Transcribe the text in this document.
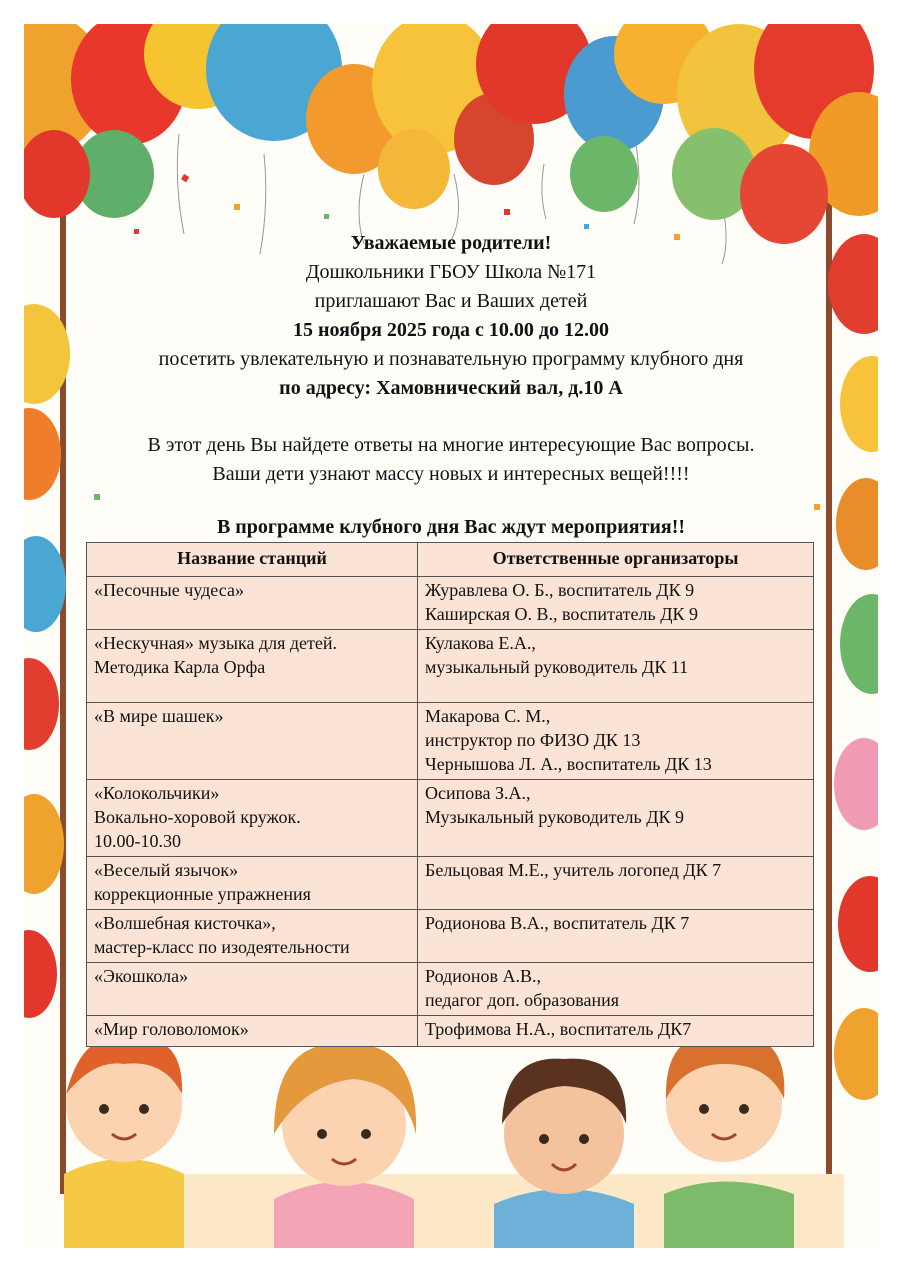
Уважаемые родители!

Дошкольники ГБОУ Школа №171

приглашают Вас и Ваших детей

15 ноября 2025 года с 10.00 до 12.00

посетить увлекательную и познавательную программу клубного дня

по адресу: Хамовнический вал, д.10 А

В этот день Вы найдете ответы на многие интересующие Вас вопросы.

Ваши дети узнают массу новых и интересных вещей!!!!

В программе клубного дня Вас ждут мероприятия!!

Название станций	Ответственные организаторы

«Песочные чудеса»	Журавлева О. Б., воспитатель ДК 9
Каширская О. В., воспитатель ДК 9

«Нескучная» музыка для детей.
Методика Карла Орфа	Кулакова Е.А.,
музыкальный руководитель ДК 11

«В мире шашек»	Макарова С. М.,
инструктор по ФИЗО ДК 13
Чернышова Л. А., воспитатель ДК 13

«Колокольчики»
Вокально-хоровой кружок.
10.00-10.30	Осипова З.А.,
Музыкальный руководитель ДК 9

«Веселый язычок»
коррекционные упражнения	Бельцовая М.Е., учитель логопед ДК 7

«Волшебная кисточка»,
мастер-класс по изодеятельности	Родионова В.А., воспитатель ДК 7

«Экошкола»	Родионов А.В.,
педагог доп. образования

«Мир головоломок»	Трофимова Н.А., воспитатель ДК7
